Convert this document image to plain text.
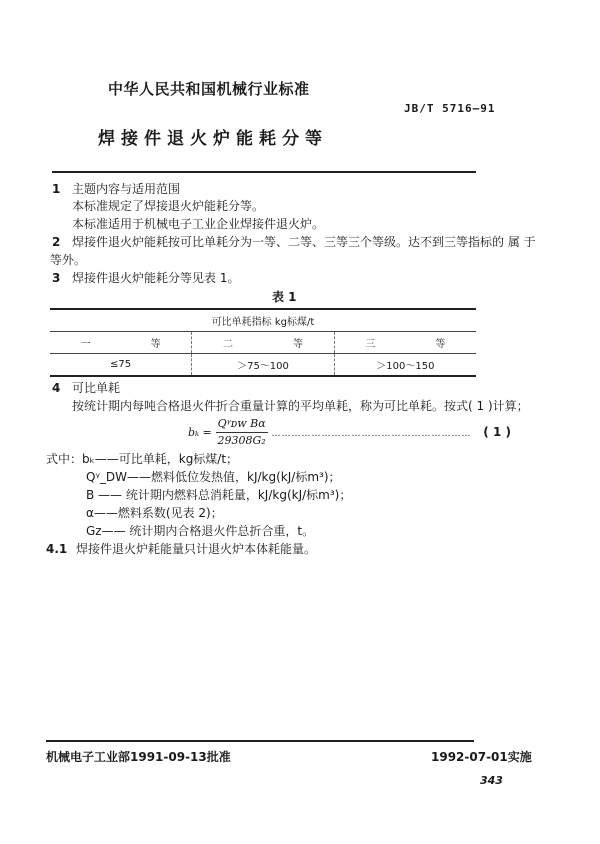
中华人民共和国机械行业标准
JB/T 5716—91
焊接件退火炉能耗分等
1 主题内容与适用范围
本标准规定了焊接退火炉能耗分等。
本标准适用于机械电子工业企业焊接件退火炉。
2 焊接件退火炉能耗按可比单耗分为一等、二等、三等三个等级。达不到三等指标的 属 于
等外。
3 焊接件退火炉能耗分等见表 1。
表 1
可比单耗指标 kg标煤/t		
一 等	二 等	三 等
≤75	＞75～100	＞100～150
4 可比单耗
按统计期内每吨合格退火件折合重量计算的平均单耗，称为可比单耗。按式( 1 )计算；
$b_k = \frac{\text{Qᵞᴅᴡ Bα}}{\text{29308G₂}}$ …………………………………………………… ( 1 )
式中：bₖ——可比单耗，kg标煤/t；
Qᵞ_DW——燃料低位发热值，kJ/kg(kJ/标m³)；
B —— 统计期内燃料总消耗量，kJ/kg(kJ/标m³)；
α——燃料系数(见表 2)；
Gz—— 统计期内合格退火件总折合重，t。
4.1 焊接件退火炉耗能量只计退火炉本体耗能量。
机械电子工业部1991-09-13批准	1992-07-01实施
343
